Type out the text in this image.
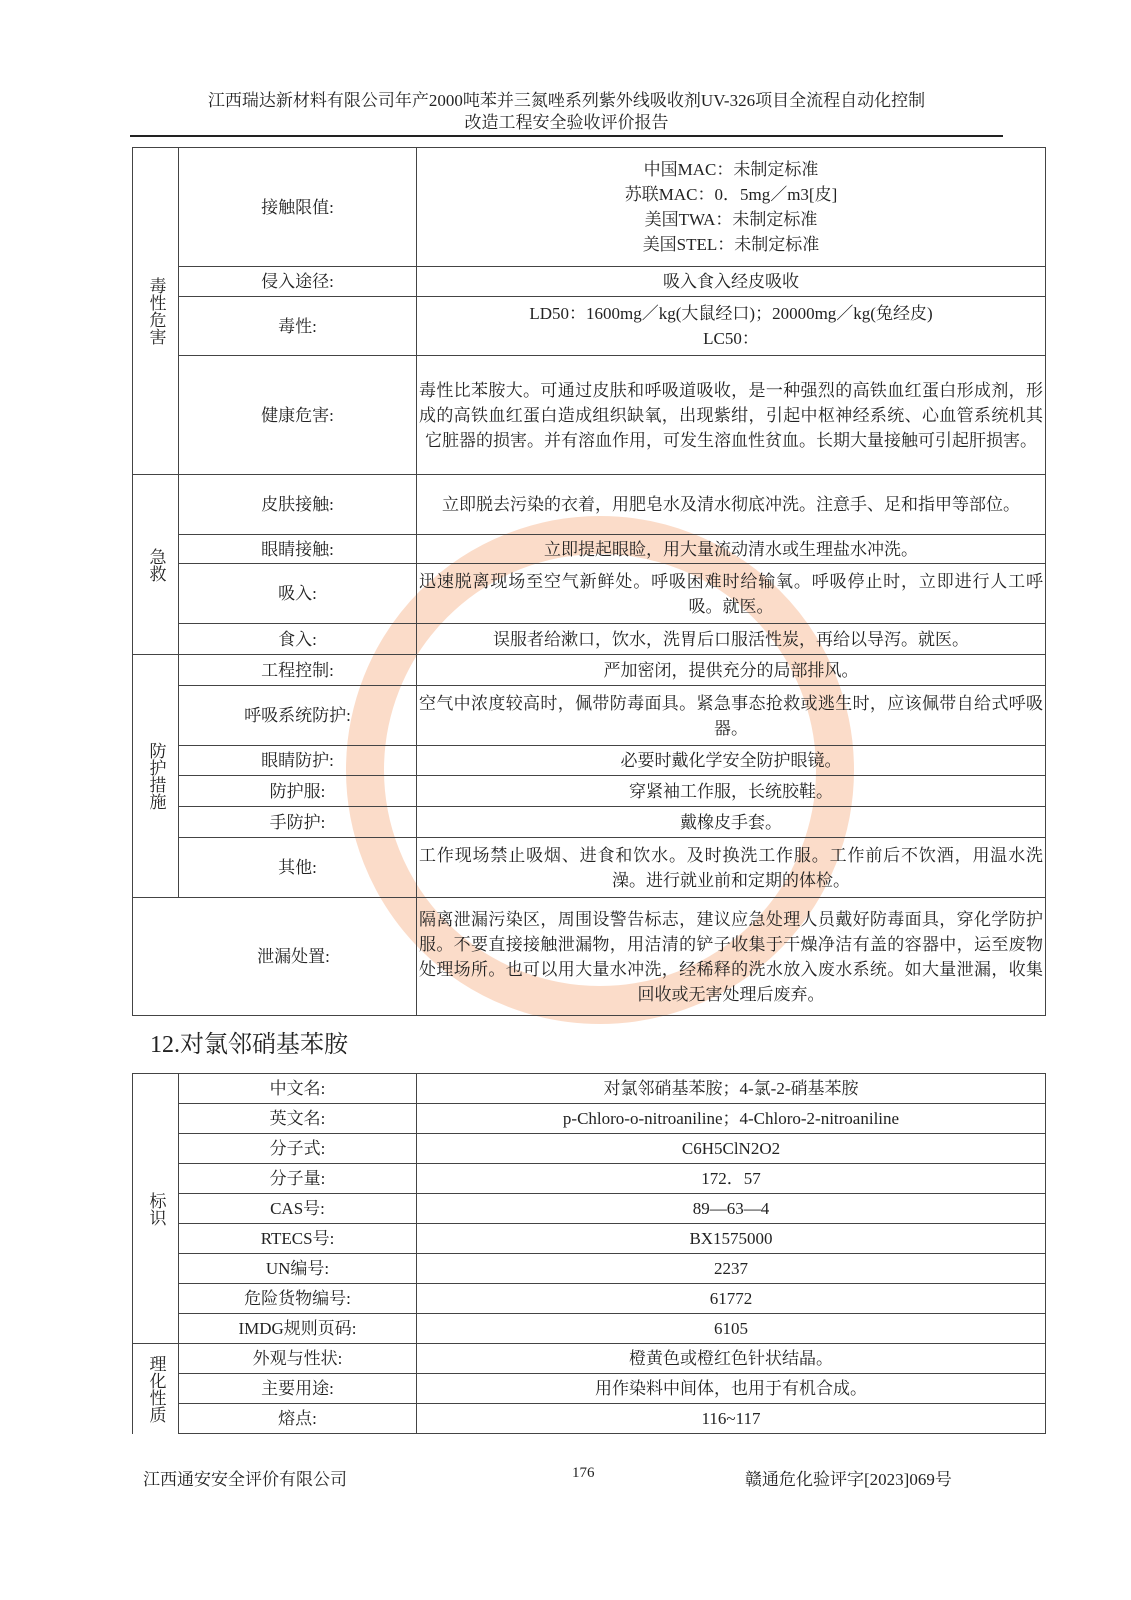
江西瑞达新材料有限公司年产2000吨苯并三氮唑系列紫外线吸收剂UV-326项目全流程自动化控制
改造工程安全验收评价报告
毒性危害	接触限值:	中国MAC：未制定标准
苏联MAC：0．5mg／m3[皮]
美国TWA：未制定标准
美国STEL：未制定标准

	侵入途径:	吸入食入经皮吸收
	毒性:	LD50：1600mg／kg(大鼠经口)；20000mg／kg(兔经皮)
LC50：

	健康危害:	毒性比苯胺大。可通过皮肤和呼吸道吸收，是一种强烈的高铁血红蛋白形成剂，形成的高铁血红蛋白造成组织缺氧，出现紫绀，引起中枢神经系统、心血管系统机其它脏器的损害。并有溶血作用，可发生溶血性贫血。长期大量接触可引起肝损害。
急救	皮肤接触:	立即脱去污染的衣着，用肥皂水及清水彻底冲洗。注意手、足和指甲等部位。
	眼睛接触:	立即提起眼睑，用大量流动清水或生理盐水冲洗。
	吸入:	迅速脱离现场至空气新鲜处。呼吸困难时给输氧。呼吸停止时，立即进行人工呼吸。就医。
	食入:	误服者给漱口，饮水，洗胃后口服活性炭，再给以导泻。就医。
防护措施	工程控制:	严加密闭，提供充分的局部排风。
	呼吸系统防护:	空气中浓度较高时，佩带防毒面具。紧急事态抢救或逃生时，应该佩带自给式呼吸器。
	眼睛防护:	必要时戴化学安全防护眼镜。
	防护服:	穿紧袖工作服，长统胶鞋。
	手防护:	戴橡皮手套。
	其他:	工作现场禁止吸烟、进食和饮水。及时换洗工作服。工作前后不饮酒，用温水洗澡。进行就业前和定期的体检。
泄漏处置:		隔离泄漏污染区，周围设警告标志，建议应急处理人员戴好防毒面具，穿化学防护服。不要直接接触泄漏物，用洁清的铲子收集于干燥净洁有盖的容器中，运至废物处理场所。也可以用大量水冲洗，经稀释的洗水放入废水系统。如大量泄漏，收集回收或无害处理后废弃。
12.对氯邻硝基苯胺
标识	中文名:	对氯邻硝基苯胺；4-氯-2-硝基苯胺
	英文名:	p-Chloro-o-nitroaniline；4-Chloro-2-nitroaniline
	分子式:	C6H5ClN2O2
	分子量:	172．57
	CAS号:	89—63—4
	RTECS号:	BX1575000
	UN编号:	2237
	危险货物编号:	61772
	IMDG规则页码:	6105
理化性质	外观与性状:	橙黄色或橙红色针状结晶。
	主要用途:	用作染料中间体，也用于有机合成。
	熔点:	116~117
江西通安安全评价有限公司	176	赣通危化验评字[2023]069号
